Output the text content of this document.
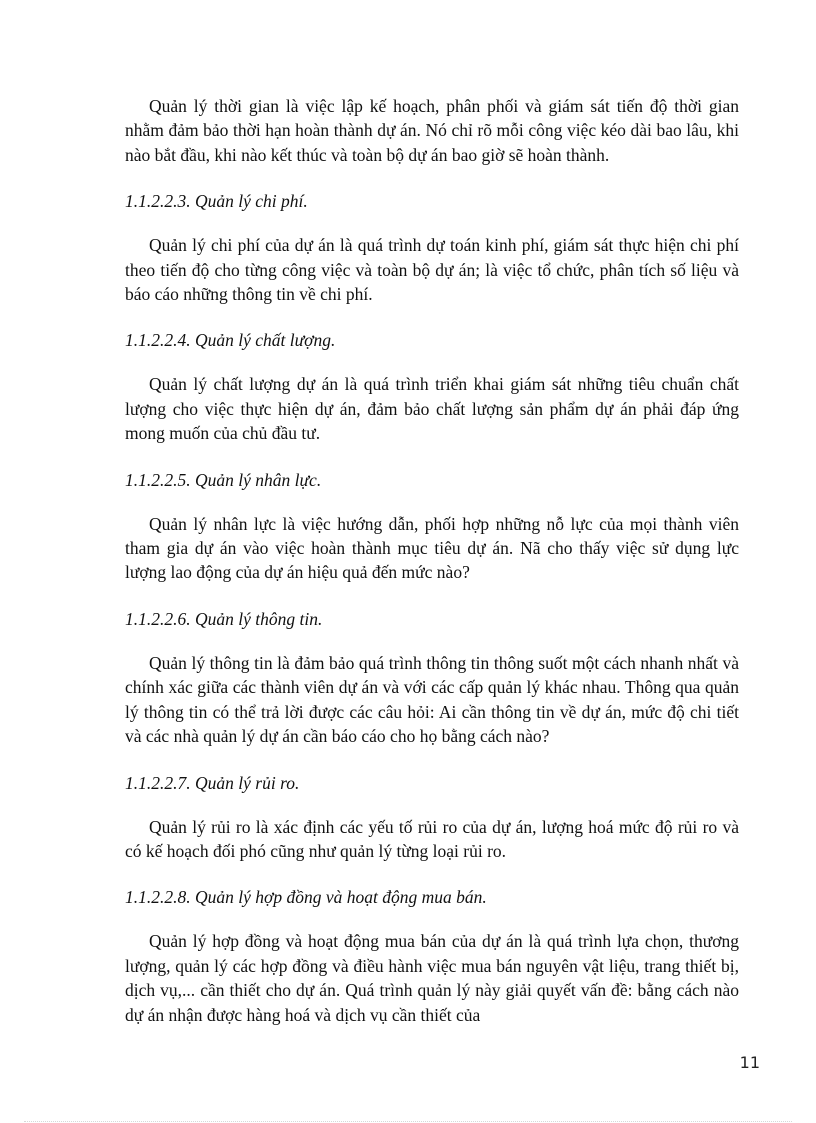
Quản lý thời gian là việc lập kế hoạch, phân phối và giám sát tiến độ thời gian nhằm đảm bảo thời hạn hoàn thành dự án. Nó chỉ rõ mỗi công việc kéo dài bao lâu, khi nào bắt đầu, khi nào kết thúc và toàn bộ dự án bao giờ sẽ hoàn thành.

1.1.2.2.3. Quản lý chi phí.

Quản lý chi phí của dự án là quá trình dự toán kinh phí, giám sát thực hiện chi phí theo tiến độ cho từng công việc và toàn bộ dự án; là việc tổ chức, phân tích số liệu và báo cáo những thông tin về chi phí.

1.1.2.2.4. Quản lý chất lượng.

Quản lý chất lượng dự án là quá trình triển khai giám sát những tiêu chuẩn chất lượng cho việc thực hiện dự án, đảm bảo chất lượng sản phẩm dự án phải đáp ứng mong muốn của chủ đầu tư.

1.1.2.2.5. Quản lý nhân lực.

Quản lý nhân lực là việc hướng dẫn, phối hợp những nỗ lực của mọi thành viên tham gia dự án vào việc hoàn thành mục tiêu dự án. Nã cho thấy việc sử dụng lực lượng lao động của dự án hiệu quả đến mức nào?

1.1.2.2.6. Quản lý thông tin.

Quản lý thông tin là đảm bảo quá trình thông tin thông suốt một cách nhanh nhất và chính xác giữa các thành viên dự án và với các cấp quản lý khác nhau. Thông qua quản lý thông tin có thể trả lời được các câu hỏi: Ai cần thông tin về dự án, mức độ chi tiết và các nhà quản lý dự án cần báo cáo cho họ bằng cách nào?

1.1.2.2.7. Quản lý rủi ro.

Quản lý rủi ro là xác định các yếu tố rủi ro của dự án, lượng hoá mức độ rủi ro và có kế hoạch đối phó cũng như quản lý từng loại rủi ro.

1.1.2.2.8. Quản lý hợp đồng và hoạt động mua bán.

Quản lý hợp đồng và hoạt động mua bán của dự án là quá trình lựa chọn, thương lượng, quản lý các hợp đồng và điều hành việc mua bán nguyên vật liệu, trang thiết bị, dịch vụ,... cần thiết cho dự án. Quá trình quản lý này giải quyết vấn đề: bằng cách nào dự án nhận được hàng hoá và dịch vụ cần thiết của

11
